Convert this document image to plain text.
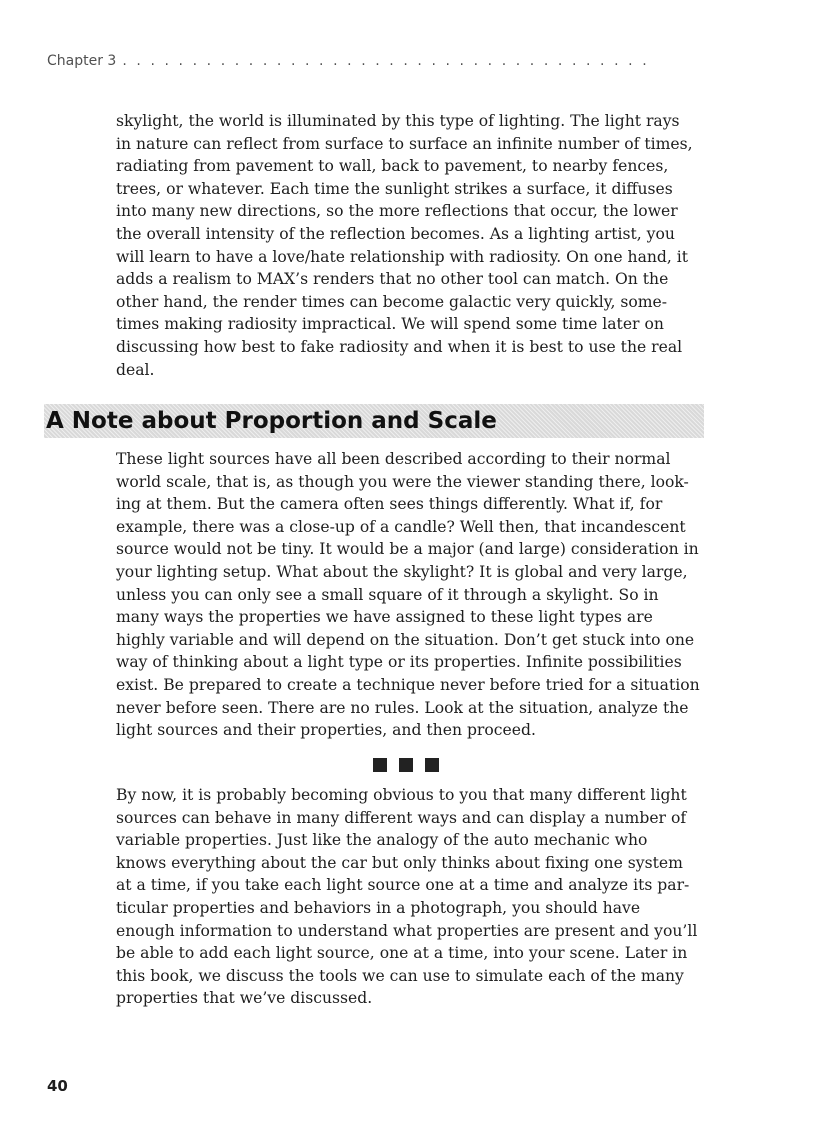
Chapter 3 ......................................

skylight, the world is illuminated by this type of lighting. The light rays
in nature can reflect from surface to surface an infinite number of times,
radiating from pavement to wall, back to pavement, to nearby fences,
trees, or whatever. Each time the sunlight strikes a surface, it diffuses
into many new directions, so the more reflections that occur, the lower
the overall intensity of the reflection becomes. As a lighting artist, you
will learn to have a love/hate relationship with radiosity. On one hand, it
adds a realism to MAX’s renders that no other tool can match. On the
other hand, the render times can become galactic very quickly, some-
times making radiosity impractical. We will spend some time later on
discussing how best to fake radiosity and when it is best to use the real
deal.

A Note about Proportion and Scale

These light sources have all been described according to their normal
world scale, that is, as though you were the viewer standing there, look-
ing at them. But the camera often sees things differently. What if, for
example, there was a close-up of a candle? Well then, that incandescent
source would not be tiny. It would be a major (and large) consideration in
your lighting setup. What about the skylight? It is global and very large,
unless you can only see a small square of it through a skylight. So in
many ways the properties we have assigned to these light types are
highly variable and will depend on the situation. Don’t get stuck into one
way of thinking about a light type or its properties. Infinite possibilities
exist. Be prepared to create a technique never before tried for a situation
never before seen. There are no rules. Look at the situation, analyze the
light sources and their properties, and then proceed.

By now, it is probably becoming obvious to you that many different light
sources can behave in many different ways and can display a number of
variable properties. Just like the analogy of the auto mechanic who
knows everything about the car but only thinks about fixing one system
at a time, if you take each light source one at a time and analyze its par-
ticular properties and behaviors in a photograph, you should have
enough information to understand what properties are present and you’ll
be able to add each light source, one at a time, into your scene. Later in
this book, we discuss the tools we can use to simulate each of the many
properties that we’ve discussed.

40
